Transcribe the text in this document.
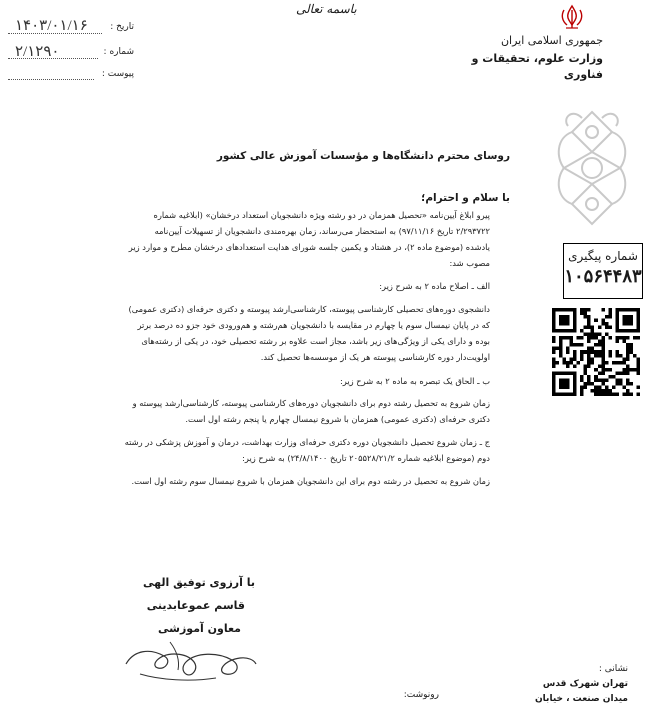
جمهوری اسلامی ایران
وزارت علوم، تحقیقات و فناوری
باسمه تعالی
۱۴۰۳/۰۱/۱۶	تاریخ :
۲/۱۲۹۰	شماره :
پیوست :
شماره پیگیری
۱۰۵۶۴۴۸۳
روسای محترم دانشگاه‌ها و مؤسسات آموزش عالی کشور
با سلام و احترام؛
پیرو ابلاغ آیین‌نامه «تحصیل همزمان در دو رشته ویژه دانشجویان استعداد درخشان» (ابلاغیه شماره
۲/۲۹۳۷۲۲ تاریخ ۹۷/۱۱/۱۶) به استحضار می‌رساند، زمان بهره‌مندی دانشجویان از تسهیلات آیین‌نامه
یادشده (موضوع ماده ۲)، در هشتاد و یکمین جلسه شورای هدایت استعدادهای درخشان مطرح و موارد زیر
مصوب شد:
الف ـ اصلاح ماده ۲ به شرح زیر:
دانشجوی دوره‌های تحصیلی کارشناسی پیوسته، کارشناسی‌ارشد پیوسته و دکتری حرفه‌ای (دکتری عمومی)
که در پایان نیمسال سوم یا چهارم در مقایسه با دانشجویان هم‌رشته و هم‌ورودی خود جزو ده درصد برتر
بوده و دارای یکی از ویژگی‌های زیر باشد، مجاز است علاوه بر رشته تحصیلی خود، در یکی از رشته‌های
اولویت‌دار دوره کارشناسی پیوسته هر یک از موسسه‌ها تحصیل کند.
ب ـ الحاق یک تبصره به ماده ۲ به شرح زیر:
زمان شروع به تحصیل رشته دوم برای دانشجویان دوره‌های کارشناسی پیوسته، کارشناسی‌ارشد پیوسته و
دکتری حرفه‌ای (دکتری عمومی) همزمان با شروع نیمسال چهارم یا پنجم رشته اول است.
ج ـ زمان شروع تحصیل دانشجویان دوره دکتری حرفه‌ای وزارت بهداشت، درمان و آموزش پزشکی در رشته
دوم (موضوع ابلاغیه شماره ۲۰۵۵۲۸/۲۱/۲ تاریخ ۲۴/۸/۱۴۰۰) به شرح زیر:
زمان شروع به تحصیل در رشته دوم برای این دانشجویان همزمان با شروع نیمسال سوم رشته اول است.
با آرزوی توفیق الهی
قاسم عموعابدینی
معاون آموزشی
رونوشت:
نشانی :
تهران شهرک قدس
میدان صنعت ، خیابان
